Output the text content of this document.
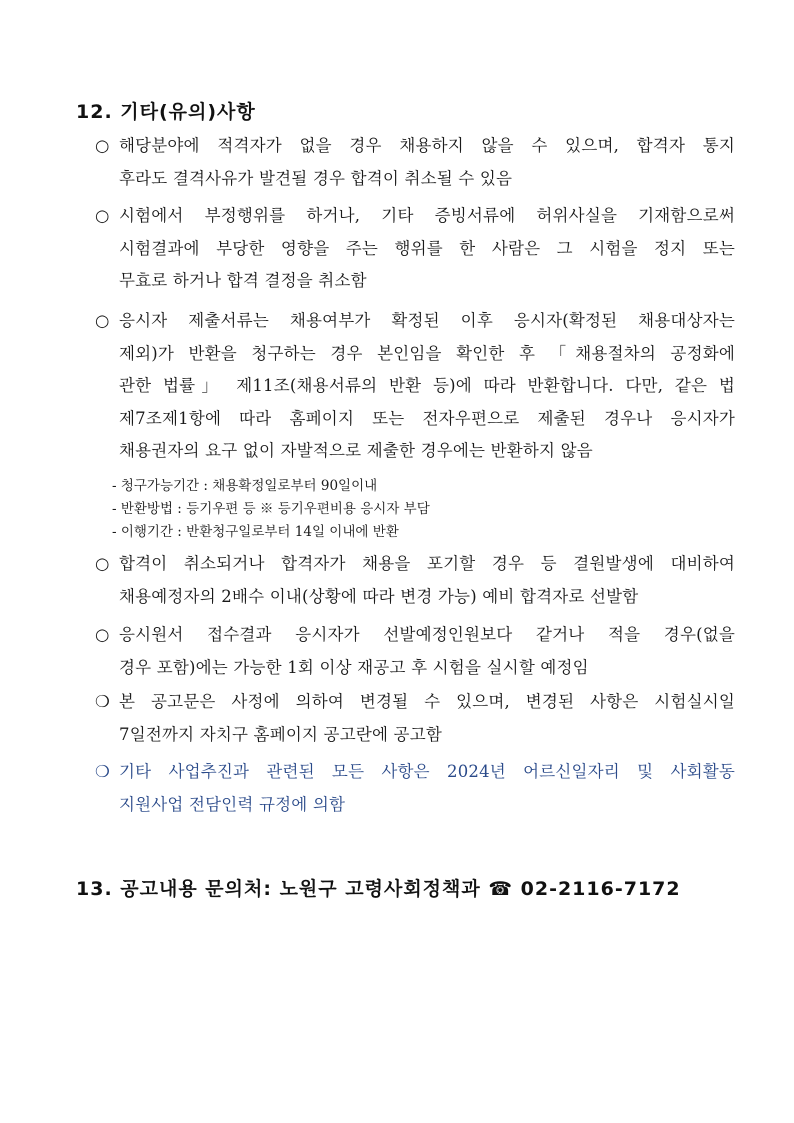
12. 기타(유의)사항
○ 해당분야에 적격자가 없을 경우 채용하지 않을 수 있으며, 합격자 통지
후라도 결격사유가 발견될 경우 합격이 취소될 수 있음
○ 시험에서 부정행위를 하거나, 기타 증빙서류에 허위사실을 기재함으로써
시험결과에 부당한 영향을 주는 행위를 한 사람은 그 시험을 정지 또는
무효로 하거나 합격 결정을 취소함
○ 응시자 제출서류는 채용여부가 확정된 이후 응시자(확정된 채용대상자는
제외)가 반환을 청구하는 경우 본인임을 확인한 후 「채용절차의 공정화에
관한 법률」 제11조(채용서류의 반환 등)에 따라 반환합니다. 다만, 같은 법
제7조제1항에 따라 홈페이지 또는 전자우편으로 제출된 경우나 응시자가
채용권자의 요구 없이 자발적으로 제출한 경우에는 반환하지 않음
- 청구가능기간 : 채용확정일로부터 90일이내
- 반환방법 : 등기우편 등 ※ 등기우편비용 응시자 부담
- 이행기간 : 반환청구일로부터 14일 이내에 반환
○ 합격이 취소되거나 합격자가 채용을 포기할 경우 등 결원발생에 대비하여
채용예정자의 2배수 이내(상황에 따라 변경 가능) 예비 합격자로 선발함
○ 응시원서 접수결과 응시자가 선발예정인원보다 같거나 적을 경우(없을
경우 포함)에는 가능한 1회 이상 재공고 후 시험을 실시할 예정임
❍ 본 공고문은 사정에 의하여 변경될 수 있으며, 변경된 사항은 시험실시일
7일전까지 자치구 홈페이지 공고란에 공고함
❍ 기타 사업추진과 관련된 모든 사항은 2024년 어르신일자리 및 사회활동
지원사업 전담인력 규정에 의함
13. 공고내용 문의처: 노원구 고령사회정책과 ☎ 02-2116-7172
